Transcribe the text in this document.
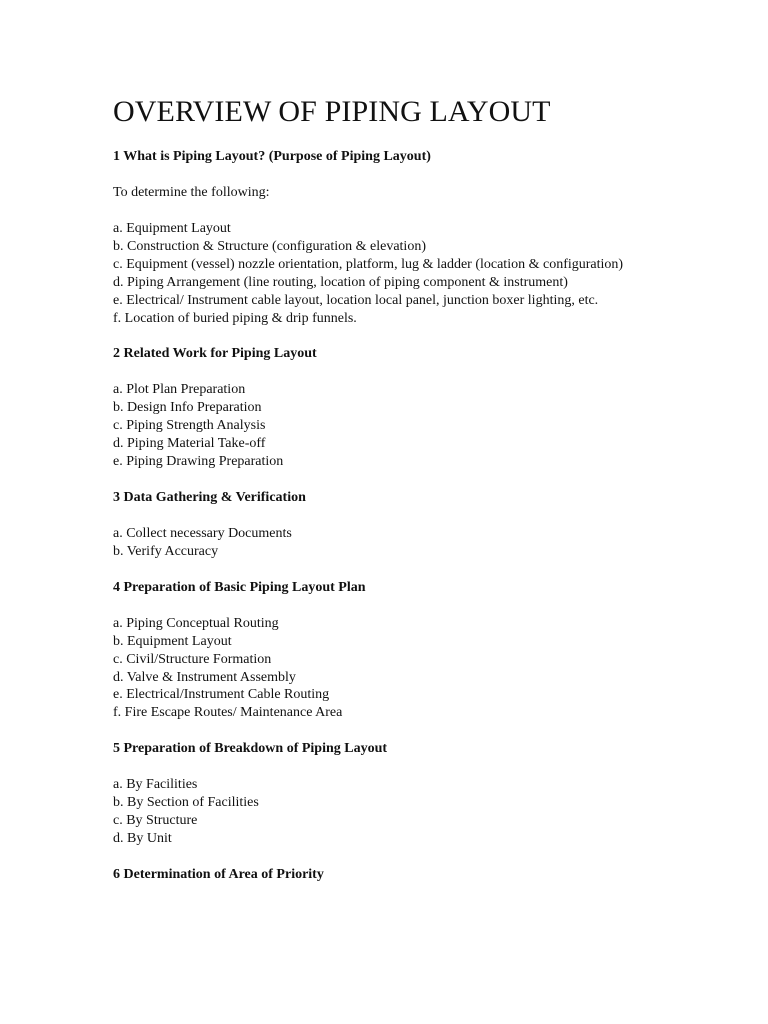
OVERVIEW OF PIPING LAYOUT
1 What is Piping Layout? (Purpose of Piping Layout)
To determine the following:
a. Equipment Layout
b. Construction & Structure (configuration & elevation)
c. Equipment (vessel) nozzle orientation, platform, lug & ladder (location & configuration)
d. Piping Arrangement (line routing, location of piping component & instrument)
e. Electrical/ Instrument cable layout, location local panel, junction boxer lighting, etc.
f. Location of buried piping & drip funnels.
2 Related Work for Piping Layout
a. Plot Plan Preparation
b. Design Info Preparation
c. Piping Strength Analysis
d. Piping Material Take-off
e. Piping Drawing Preparation
3 Data Gathering & Verification
a. Collect necessary Documents
b. Verify Accuracy
4 Preparation of Basic Piping Layout Plan
a. Piping Conceptual Routing
b. Equipment Layout
c. Civil/Structure Formation
d. Valve & Instrument Assembly
e. Electrical/Instrument Cable Routing
f. Fire Escape Routes/ Maintenance Area
5 Preparation of Breakdown of Piping Layout
a. By Facilities
b. By Section of Facilities
c. By Structure
d. By Unit
6 Determination of Area of Priority
